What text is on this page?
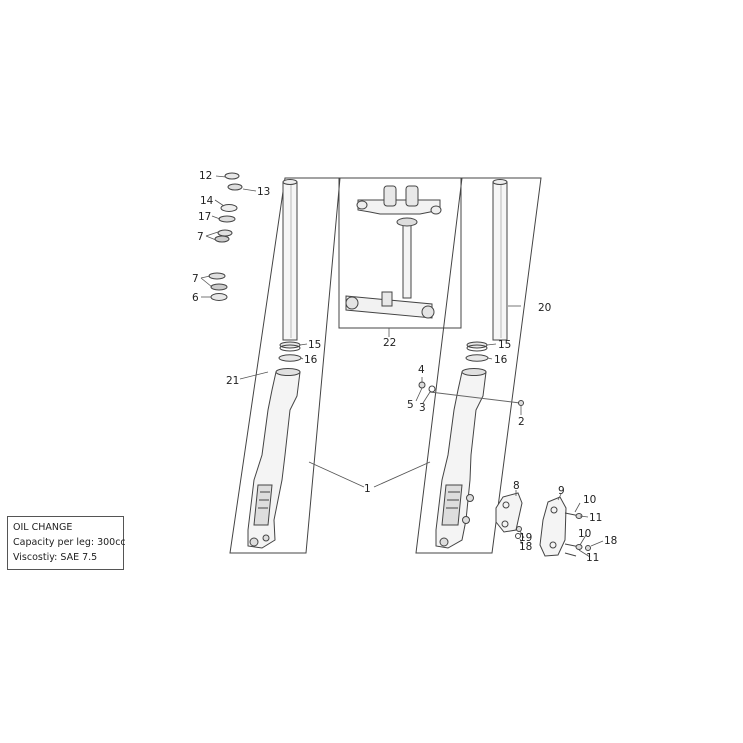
12
13
14
17
7
7
6
15
16
21
22
20
15
16
4
5 3
2
1	8	9
10
11
10
18
11
19
18
OIL CHANGE
Capacity per leg: 300cc
Viscostiy: SAE 7.5
